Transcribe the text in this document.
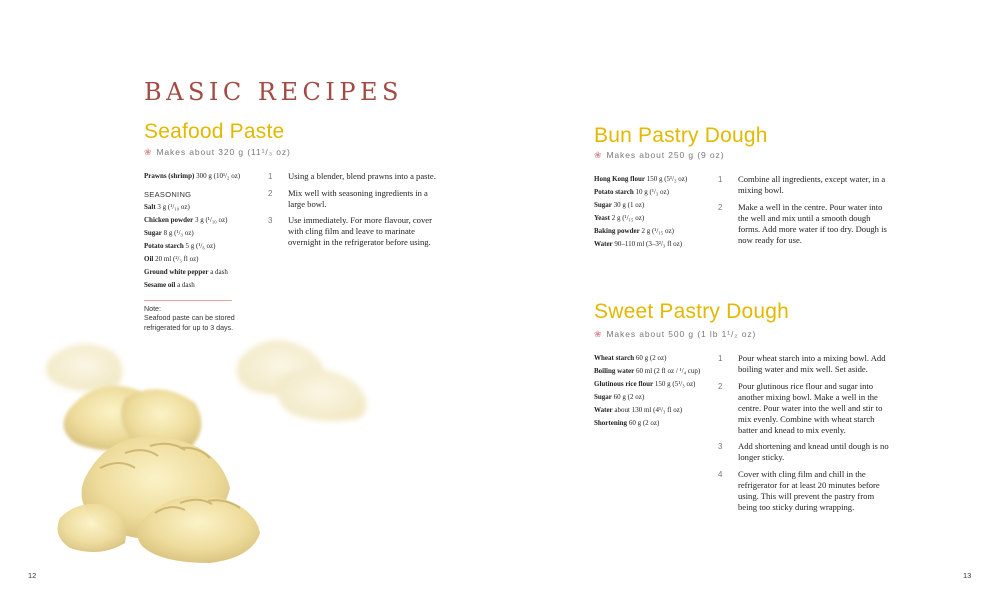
BASIC RECIPES
Seafood Paste
❀ Makes about 320 g (11¹/₃ oz)
Prawns (shrimp) 300 g (10¹/₂ oz)
SEASONING
Salt 3 g (¹/₁₀ oz)
Chicken powder 3 g (¹/₁₀ oz)
Sugar 8 g (¹/₃ oz)
Potato starch 5 g (¹/₆ oz)
Oil 20 ml (²/₃ fl oz)
Ground white pepper a dash
Sesame oil a dash
1 Using a blender, blend prawns into a paste.
2 Mix well with seasoning ingredients in a large bowl.
3 Use immediately. For more flavour, cover with cling film and leave to marinate overnight in the refrigerator before using.
Note:
Seafood paste can be stored refrigerated for up to 3 days.
Bun Pastry Dough
❀ Makes about 250 g (9 oz)
Hong Kong flour 150 g (5¹/₃ oz)
Potato starch 10 g (¹/₃ oz)
Sugar 30 g (1 oz)
Yeast 2 g (¹/₁₅ oz)
Baking powder 2 g (¹/₁₅ oz)
Water 90–110 ml (3–3²/₃ fl oz)
1 Combine all ingredients, except water, in a mixing bowl.
2 Make a well in the centre. Pour water into the well and mix until a smooth dough forms. Add more water if too dry. Dough is now ready for use.
Sweet Pastry Dough
❀ Makes about 500 g (1 lb 1¹/₂ oz)
Wheat starch 60 g (2 oz)
Boiling water 60 ml (2 fl oz / ¹/₄ cup)
Glutinous rice flour 150 g (5¹/₃ oz)
Sugar 60 g (2 oz)
Water about 130 ml (4¹/₃ fl oz)
Shortening 60 g (2 oz)
1 Pour wheat starch into a mixing bowl. Add boiling water and mix well. Set aside.
2 Pour glutinous rice flour and sugar into another mixing bowl. Make a well in the centre. Pour water into the well and stir to mix evenly. Combine with wheat starch batter and knead to mix evenly.
3 Add shortening and knead until dough is no longer sticky.
4 Cover with cling film and chill in the refrigerator for at least 20 minutes before using. This will prevent the pastry from being too sticky during wrapping.
12	13
